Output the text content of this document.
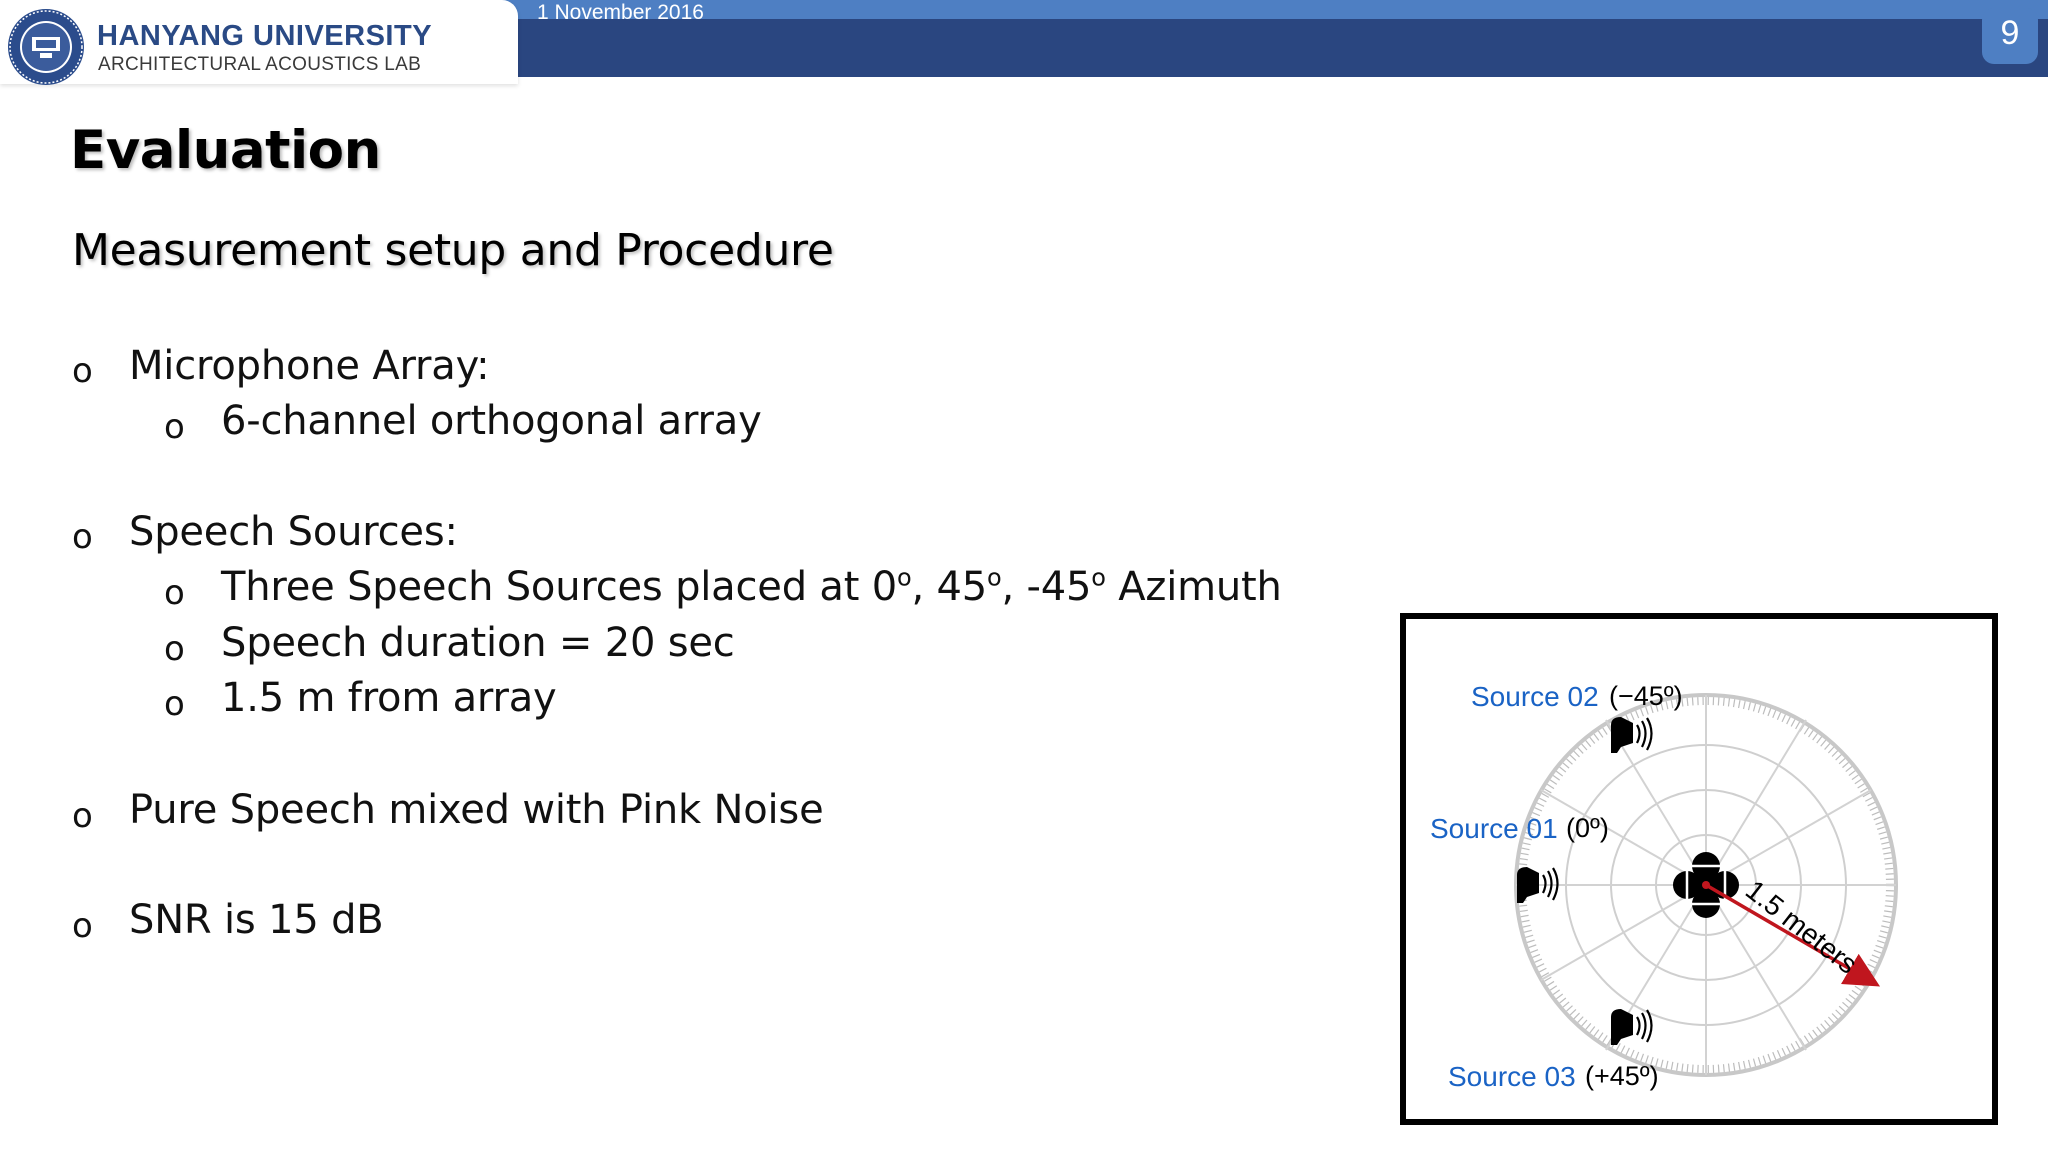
HANYANG UNIVERSITY
ARCHITECTURAL ACOUSTICS LAB
1 November 2016
9
Evaluation
Measurement setup and Procedure
o Microphone Array:
o 6-channel orthogonal array
o Speech Sources:
o Three Speech Sources placed at 0$^o$, 45$^o$, -45$^o$ Azimuth
o Speech duration = 20 sec
o 1.5 m from array
o Pure Speech mixed with Pink Noise
o SNR is 15 dB
Source 02 (−45º)
Source 01 (0º)
Source 03 (+45º)
1.5 meters
